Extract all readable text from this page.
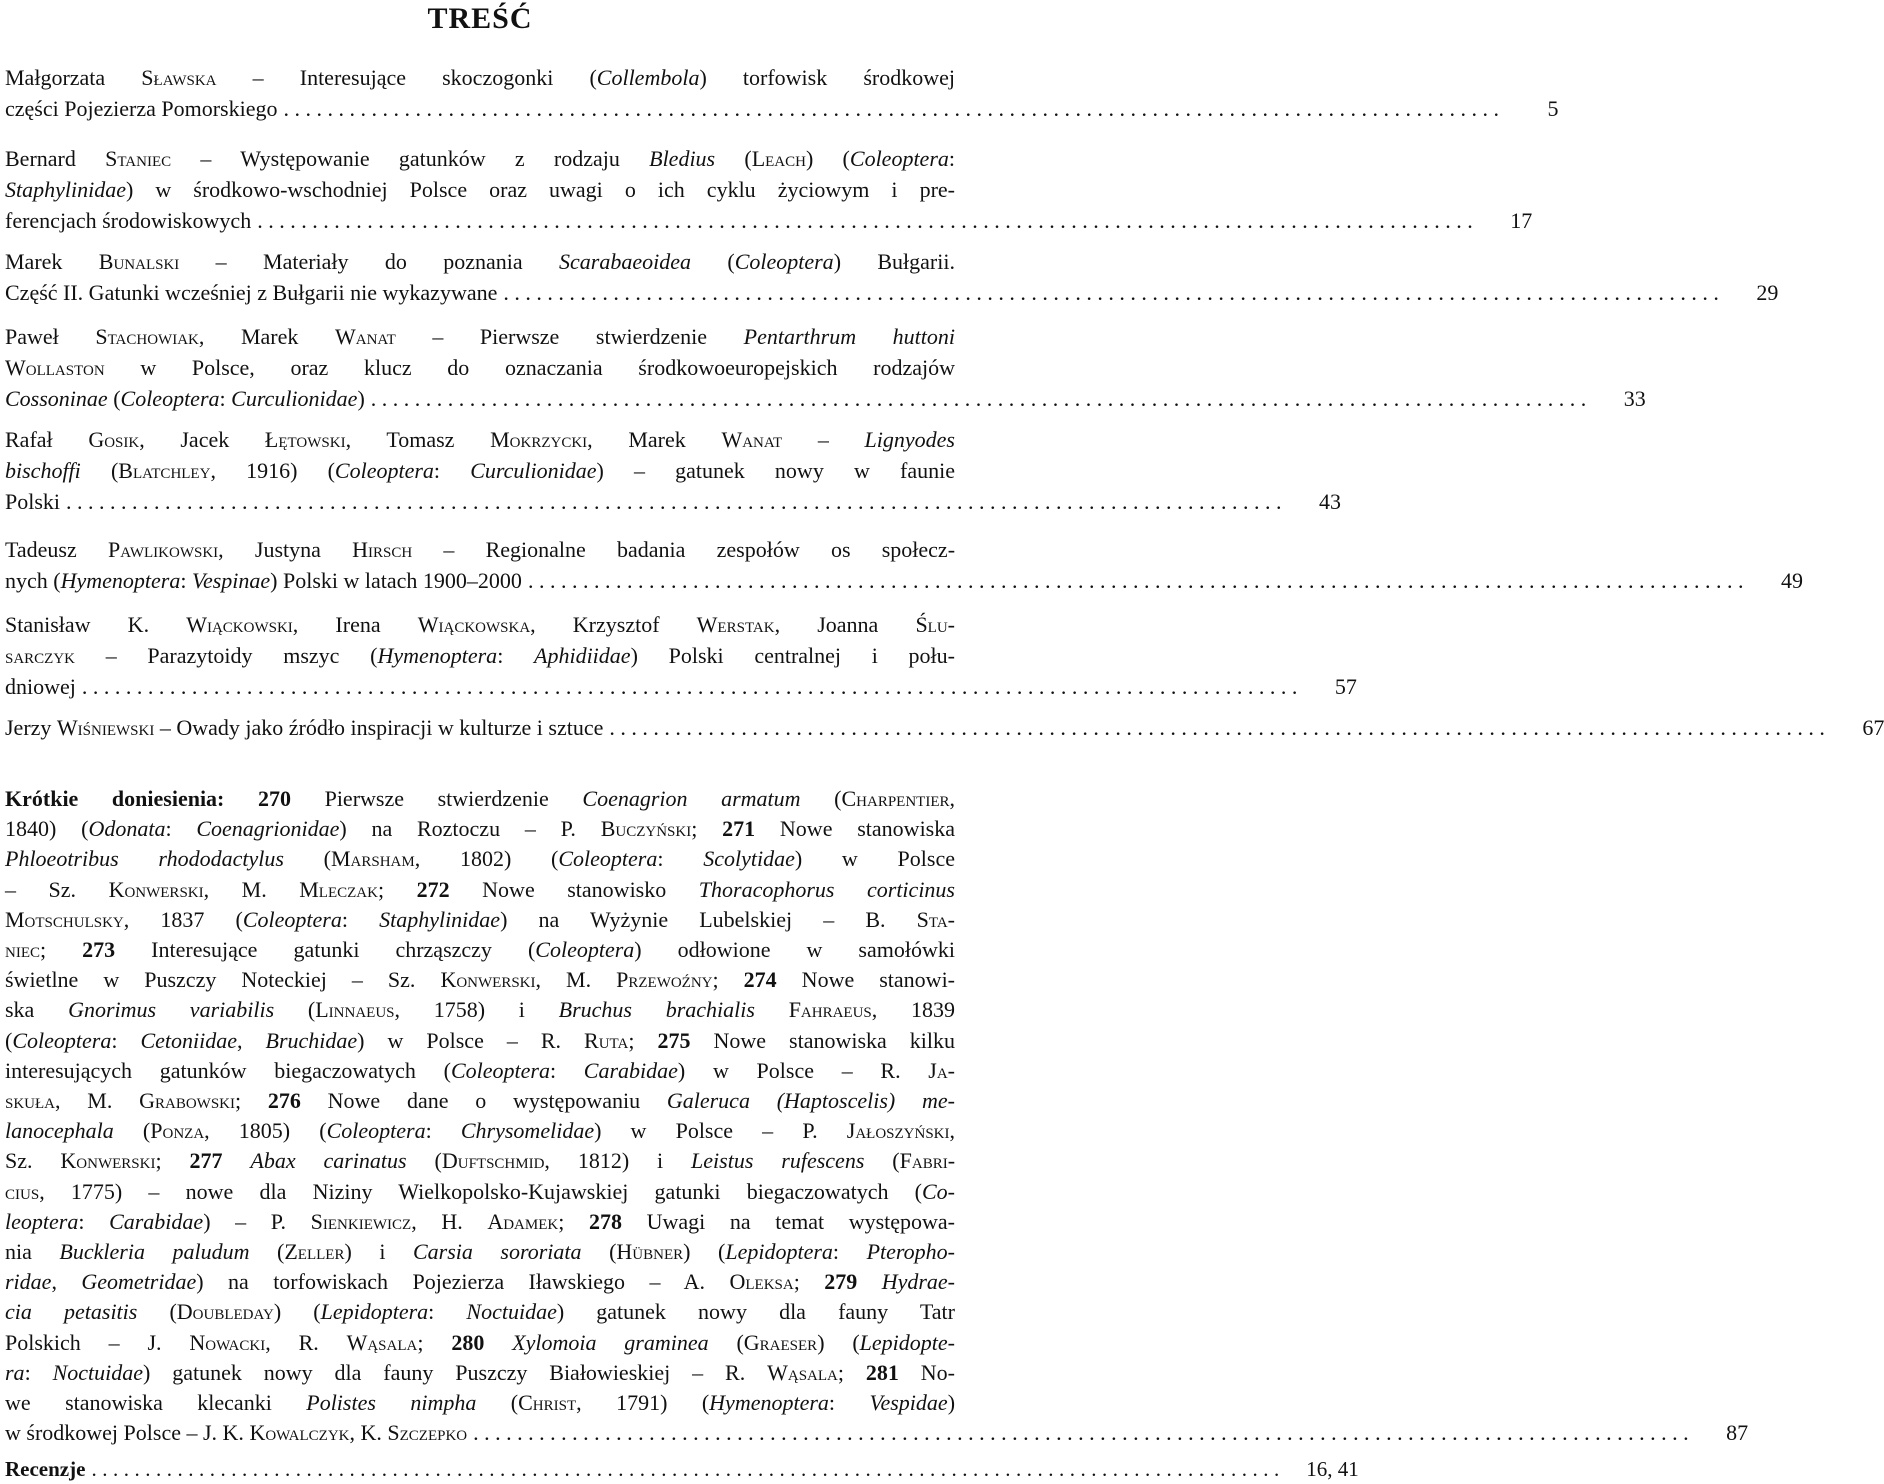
TREŚĆ
Małgorzata Sławska – Interesujące skoczogonki (Collembola) torfowisk środkowej
części Pojezierza Pomorskiego ...............................................................................................................	5
Bernard Staniec – Występowanie gatunków z rodzaju Bledius (Leach) (Coleoptera:
Staphylinidae) w środkowo-wschodniej Polsce oraz uwagi o ich cyklu życiowym i pre-
ferencjach środowiskowych ...............................................................................................................	17
Marek Bunalski – Materiały do poznania Scarabaeoidea (Coleoptera) Bułgarii.
Część II. Gatunki wcześniej z Bułgarii nie wykazywane ...............................................................................................................	29
Paweł Stachowiak, Marek Wanat – Pierwsze stwierdzenie Pentarthrum huttoni
Wollaston w Polsce, oraz klucz do oznaczania środkowoeuropejskich rodzajów
Cossoninae (Coleoptera: Curculionidae) ...............................................................................................................	33
Rafał Gosik, Jacek Łętowski, Tomasz Mokrzycki, Marek Wanat – Lignyodes
bischoffi (Blatchley, 1916) (Coleoptera: Curculionidae) – gatunek nowy w faunie
Polski ...............................................................................................................	43
Tadeusz Pawlikowski, Justyna Hirsch – Regionalne badania zespołów os społecz-
nych (Hymenoptera: Vespinae) Polski w latach 1900–2000 ...............................................................................................................	49
Stanisław K. Wiąckowski, Irena Wiąckowska, Krzysztof Werstak, Joanna Ślu-
sarczyk – Parazytoidy mszyc (Hymenoptera: Aphidiidae) Polski centralnej i połu-
dniowej ...............................................................................................................	57
Jerzy Wiśniewski – Owady jako źródło inspiracji w kulturze i sztuce ...............................................................................................................	67
Krótkie doniesienia: 270 Pierwsze stwierdzenie Coenagrion armatum (Charpentier,
1840) (Odonata: Coenagrionidae) na Roztoczu – P. Buczyński; 271 Nowe stanowiska
Phloeotribus rhododactylus (Marsham, 1802) (Coleoptera: Scolytidae) w Polsce
– Sz. Konwerski, M. Mleczak; 272 Nowe stanowisko Thoracophorus corticinus
Motschulsky, 1837 (Coleoptera: Staphylinidae) na Wyżynie Lubelskiej – B. Sta-
niec; 273 Interesujące gatunki chrząszczy (Coleoptera) odłowione w samołówki
świetlne w Puszczy Noteckiej – Sz. Konwerski, M. Przewoźny; 274 Nowe stanowi-
ska Gnorimus variabilis (Linnaeus, 1758) i Bruchus brachialis Fahraeus, 1839
(Coleoptera: Cetoniidae, Bruchidae) w Polsce – R. Ruta; 275 Nowe stanowiska kilku
interesujących gatunków biegaczowatych (Coleoptera: Carabidae) w Polsce – R. Ja-
skuła, M. Grabowski; 276 Nowe dane o występowaniu Galeruca (Haptoscelis) me-
lanocephala (Ponza, 1805) (Coleoptera: Chrysomelidae) w Polsce – P. Jałoszyński,
Sz. Konwerski; 277 Abax carinatus (Duftschmid, 1812) i Leistus rufescens (Fabri-
cius, 1775) – nowe dla Niziny Wielkopolsko-Kujawskiej gatunki biegaczowatych (Co-
leoptera: Carabidae) – P. Sienkiewicz, H. Adamek; 278 Uwagi na temat występowa-
nia Buckleria paludum (Zeller) i Carsia sororiata (Hübner) (Lepidoptera: Pteropho-
ridae, Geometridae) na torfowiskach Pojezierza Iławskiego – A. Oleksa; 279 Hydrae-
cia petasitis (Doubleday) (Lepidoptera: Noctuidae) gatunek nowy dla fauny Tatr
Polskich – J. Nowacki, R. Wąsala; 280 Xylomoia graminea (Graeser) (Lepidopte-
ra: Noctuidae) gatunek nowy dla fauny Puszczy Białowieskiej – R. Wąsala; 281 No-
we stanowiska klecanki Polistes nimpha (Christ, 1791) (Hymenoptera: Vespidae)
w środkowej Polsce – J. K. Kowalczyk, K. Szczepko ...............................................................................................................	87
Recenzje ...............................................................................................................	16, 41
